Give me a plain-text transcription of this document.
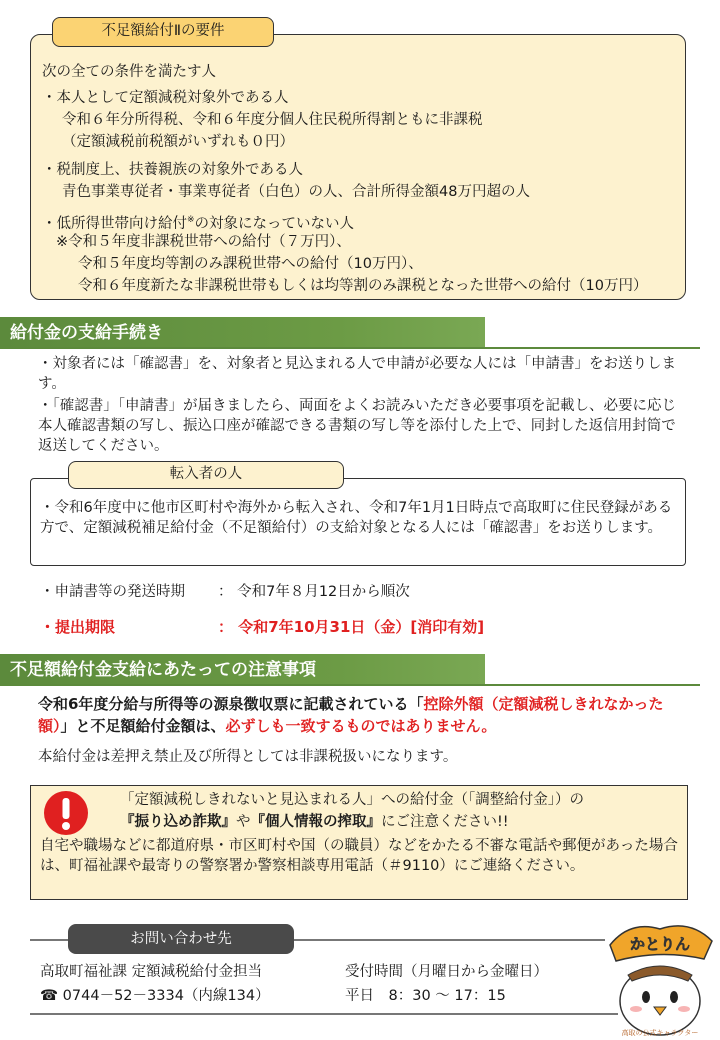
不足額給付Ⅱの要件
次の全ての条件を満たす人
・本人として定額減税対象外である人
令和６年分所得税、令和６年度分個人住民税所得割ともに非課税
（定額減税前税額がいずれも０円）
・税制度上、扶養親族の対象外である人
青色事業専従者・事業専従者（白色）の人、合計所得金額48万円超の人
・低所得世帯向け給付※の対象になっていない人
※令和５年度非課税世帯への給付（７万円）、
令和５年度均等割のみ課税世帯への給付（10万円）、
令和６年度新たな非課税世帯もしくは均等割のみ課税となった世帯への給付（10万円）
給付金の支給手続き
・対象者には「確認書」を、対象者と見込まれる人で申請が必要な人には「申請書」をお送りします。
・「確認書」「申請書」が届きましたら、両面をよくお読みいただき必要事項を記載し、必要に応じ本人確認書類の写し、振込口座が確認できる書類の写し等を添付した上で、同封した返信用封筒で返送してください。
転入者の人
・令和6年度中に他市区町村や海外から転入され、令和7年1月1日時点で高取町に住民登録がある方で、定額減税補足給付金（不足額給付）の支給対象となる人には「確認書」をお送りします。
・申請書等の発送時期 ： 令和7年８月12日から順次
・提出期限	： 令和7年10月31日（金）[消印有効]
不足額給付金支給にあたっての注意事項
令和6年度分給与所得等の源泉徴収票に記載されている「控除外額（定額減税しきれなかった額）」と不足額給付金額は、必ずしも一致するものではありません。
本給付金は差押え禁止及び所得としては非課税扱いになります。
「定額減税しきれないと見込まれる人」への給付金（「調整給付金」）の
『振り込め詐欺』や『個人情報の搾取』にご注意ください!!
自宅や職場などに都道府県・市区町村や国（の職員）などをかたる不審な電話や郵便があった場合は、町福祉課や最寄りの警察署か警察相談専用電話（＃9110）にご連絡ください。
お問い合わせ先
高取町福祉課 定額減税給付金担当
☎ 0744－52－3334（内線134）
受付時間（月曜日から金曜日）
平日　8：30 〜 17：15
かとりん
高取の公式キャラクター
